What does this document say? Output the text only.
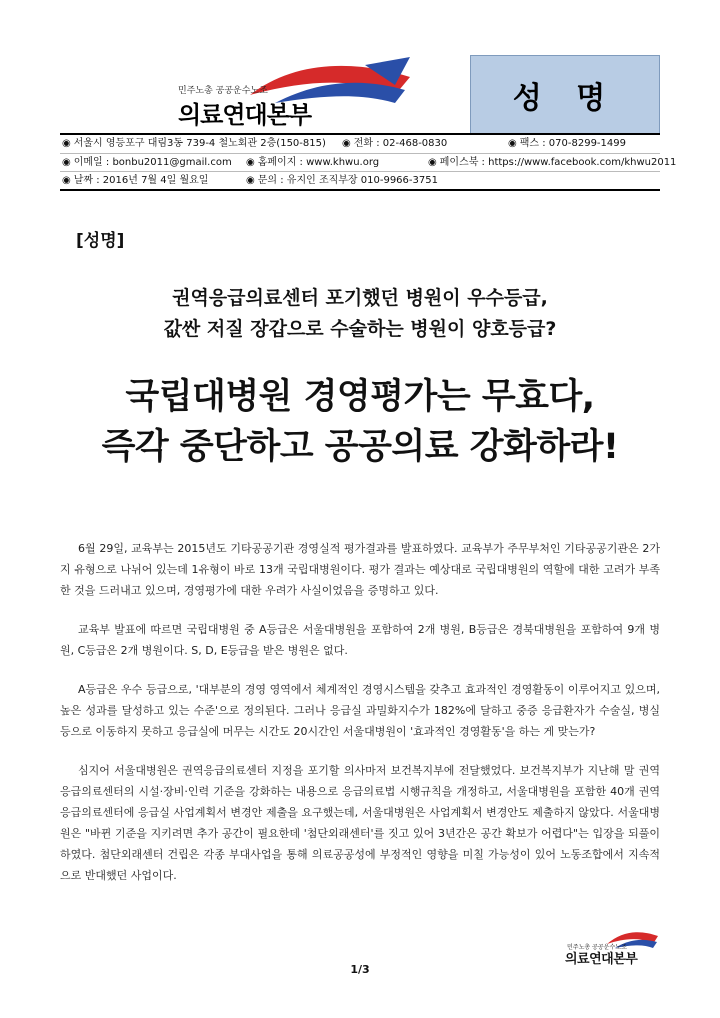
민주노총 공공운수노조
의료연대본부	성 명
◉ 서울시 영등포구 대림3동 739-4 철노회관 2층(150-815) ◉ 전화 : 02-468-0830	◉ 팩스 : 070-8299-1499
◉ 이메일 : bonbu2011@gmail.com ◉ 홈페이지 : www.khwu.org	◉ 페이스북 : https://www.facebook.com/khwu2011
◉ 날짜 : 2016년 7월 4일 월요일	◉ 문의 : 유지인 조직부장 010-9966-3751
[성명]
권역응급의료센터 포기했던 병원이 우수등급,
값싼 저질 장갑으로 수술하는 병원이 양호등급?
국립대병원 경영평가는 무효다,
즉각 중단하고 공공의료 강화하라!

6월 29일, 교육부는 2015년도 기타공공기관 경영실적 평가결과를 발표하였다. 교육부가 주무부처인 기타공공기관은 2가지 유형으로 나뉘어 있는데 1유형이 바로 13개 국립대병원이다. 평가 결과는 예상대로 국립대병원의 역할에 대한 고려가 부족한 것을 드러내고 있으며, 경영평가에 대한 우려가 사실이었음을 증명하고 있다.

교육부 발표에 따르면 국립대병원 중 A등급은 서울대병원을 포함하여 2개 병원, B등급은 경북대병원을 포함하여 9개 병원, C등급은 2개 병원이다. S, D, E등급을 받은 병원은 없다.

A등급은 우수 등급으로, '대부분의 경영 영역에서 체계적인 경영시스템을 갖추고 효과적인 경영활동이 이루어지고 있으며, 높은 성과를 달성하고 있는 수준'으로 정의된다. 그러나 응급실 과밀화지수가 182%에 달하고 중증 응급환자가 수술실, 병실 등으로 이동하지 못하고 응급실에 머무는 시간도 20시간인 서울대병원이 '효과적인 경영활동'을 하는 게 맞는가?

심지어 서울대병원은 권역응급의료센터 지정을 포기할 의사마저 보건복지부에 전달했었다. 보건복지부가 지난해 말 권역응급의료센터의 시설·장비·인력 기준을 강화하는 내용으로 응급의료법 시행규칙을 개정하고, 서울대병원을 포함한 40개 권역응급의료센터에 응급실 사업계획서 변경안 제출을 요구했는데, 서울대병원은 사업계획서 변경안도 제출하지 않았다. 서울대병원은 "바뀐 기준을 지키려면 추가 공간이 필요한데 '첨단외래센터'를 짓고 있어 3년간은 공간 확보가 어렵다"는 입장을 되풀이 하였다. 첨단외래센터 건립은 각종 부대사업을 통해 의료공공성에 부정적인 영향을 미칠 가능성이 있어 노동조합에서 지속적으로 반대했던 사업이다.

민주노총 공공운수노조
의료연대본부
1/3
